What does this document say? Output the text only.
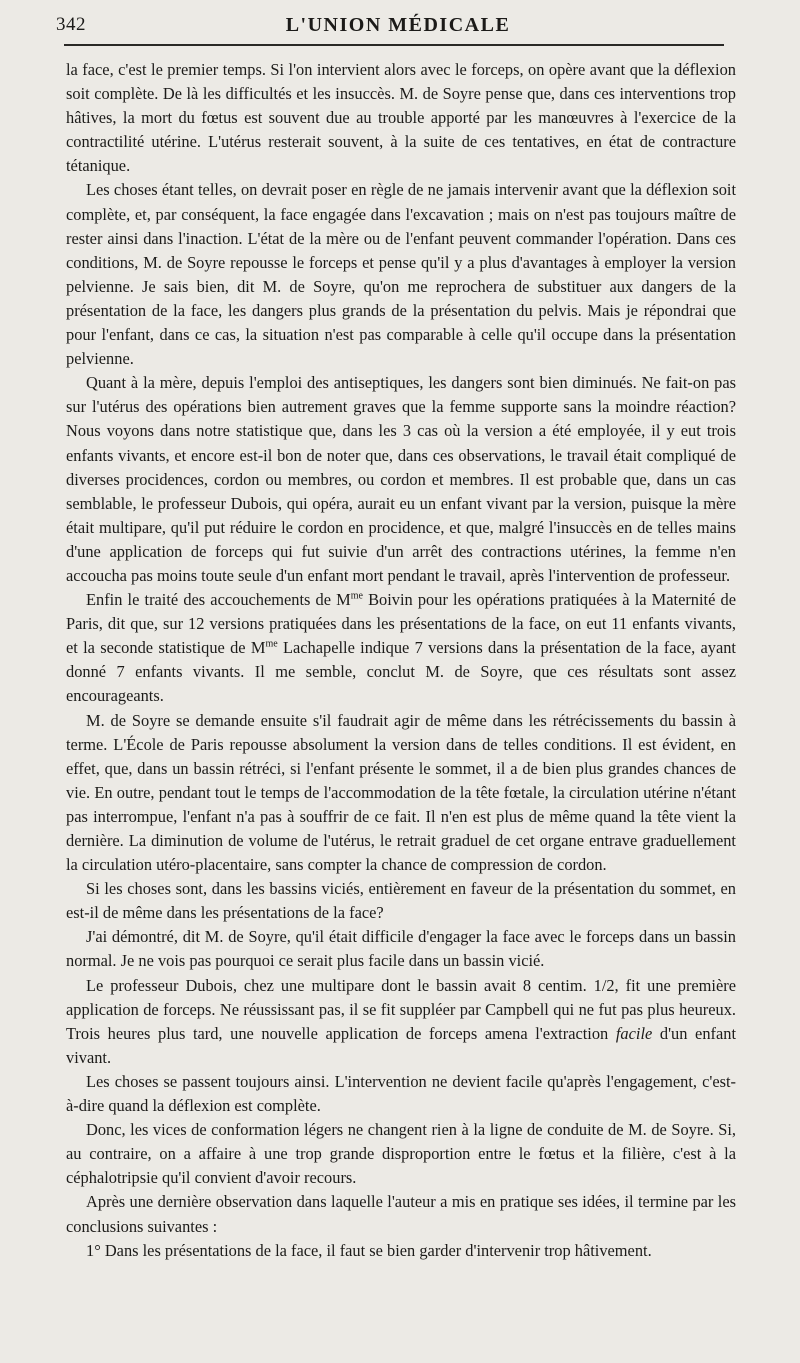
342	L'UNION MÉDICALE

la face, c'est le premier temps. Si l'on intervient alors avec le forceps, on opère avant que la déflexion soit complète. De là les difficultés et les insuccès. M. de Soyre pense que, dans ces interventions trop hâtives, la mort du fœtus est souvent due au trouble apporté par les manœuvres à l'exercice de la contractilité utérine. L'utérus resterait souvent, à la suite de ces tentatives, en état de contracture tétanique.

Les choses étant telles, on devrait poser en règle de ne jamais intervenir avant que la déflexion soit complète, et, par conséquent, la face engagée dans l'excavation ; mais on n'est pas toujours maître de rester ainsi dans l'inaction. L'état de la mère ou de l'enfant peuvent commander l'opération. Dans ces conditions, M. de Soyre repousse le forceps et pense qu'il y a plus d'avantages à employer la version pelvienne. Je sais bien, dit M. de Soyre, qu'on me reprochera de substituer aux dangers de la présentation de la face, les dangers plus grands de la présentation du pelvis. Mais je répondrai que pour l'enfant, dans ce cas, la situation n'est pas comparable à celle qu'il occupe dans la présentation pelvienne.

Quant à la mère, depuis l'emploi des antiseptiques, les dangers sont bien diminués. Ne fait-on pas sur l'utérus des opérations bien autrement graves que la femme supporte sans la moindre réaction? Nous voyons dans notre statistique que, dans les 3 cas où la version a été employée, il y eut trois enfants vivants, et encore est-il bon de noter que, dans ces observations, le travail était compliqué de diverses procidences, cordon ou membres, ou cordon et membres. Il est probable que, dans un cas semblable, le professeur Dubois, qui opéra, aurait eu un enfant vivant par la version, puisque la mère était multipare, qu'il put réduire le cordon en procidence, et que, malgré l'insuccès en de telles mains d'une application de forceps qui fut suivie d'un arrêt des contractions utérines, la femme n'en accoucha pas moins toute seule d'un enfant mort pendant le travail, après l'intervention de professeur.

Enfin le traité des accouchements de $M^{me}$ Boivin pour les opérations pratiquées à la Maternité de Paris, dit que, sur 12 versions pratiquées dans les présentations de la face, on eut 11 enfants vivants, et la seconde statistique de $M^{me}$ Lachapelle indique 7 versions dans la présentation de la face, ayant donné 7 enfants vivants. Il me semble, conclut M. de Soyre, que ces résultats sont assez encourageants.

M. de Soyre se demande ensuite s'il faudrait agir de même dans les rétrécissements du bassin à terme. L'École de Paris repousse absolument la version dans de telles conditions. Il est évident, en effet, que, dans un bassin rétréci, si l'enfant présente le sommet, il a de bien plus grandes chances de vie. En outre, pendant tout le temps de l'accommodation de la tête fœtale, la circulation utérine n'étant pas interrompue, l'enfant n'a pas à souffrir de ce fait. Il n'en est plus de même quand la tête vient la dernière. La diminution de volume de l'utérus, le retrait graduel de cet organe entrave graduellement la circulation utéro-placentaire, sans compter la chance de compression de cordon.

Si les choses sont, dans les bassins viciés, entièrement en faveur de la présentation du sommet, en est-il de même dans les présentations de la face?

J'ai démontré, dit M. de Soyre, qu'il était difficile d'engager la face avec le forceps dans un bassin normal. Je ne vois pas pourquoi ce serait plus facile dans un bassin vicié.

Le professeur Dubois, chez une multipare dont le bassin avait 8 centim. 1/2, fit une première application de forceps. Ne réussissant pas, il se fit suppléer par Campbell qui ne fut pas plus heureux. Trois heures plus tard, une nouvelle application de forceps amena l'extraction facile d'un enfant vivant.

Les choses se passent toujours ainsi. L'intervention ne devient facile qu'après l'engagement, c'est-à-dire quand la déflexion est complète.

Donc, les vices de conformation légers ne changent rien à la ligne de conduite de M. de Soyre. Si, au contraire, on a affaire à une trop grande disproportion entre le fœtus et la filière, c'est à la céphalotripsie qu'il convient d'avoir recours.

Après une dernière observation dans laquelle l'auteur a mis en pratique ses idées, il termine par les conclusions suivantes :

1° Dans les présentations de la face, il faut se bien garder d'intervenir trop hâtivement.
